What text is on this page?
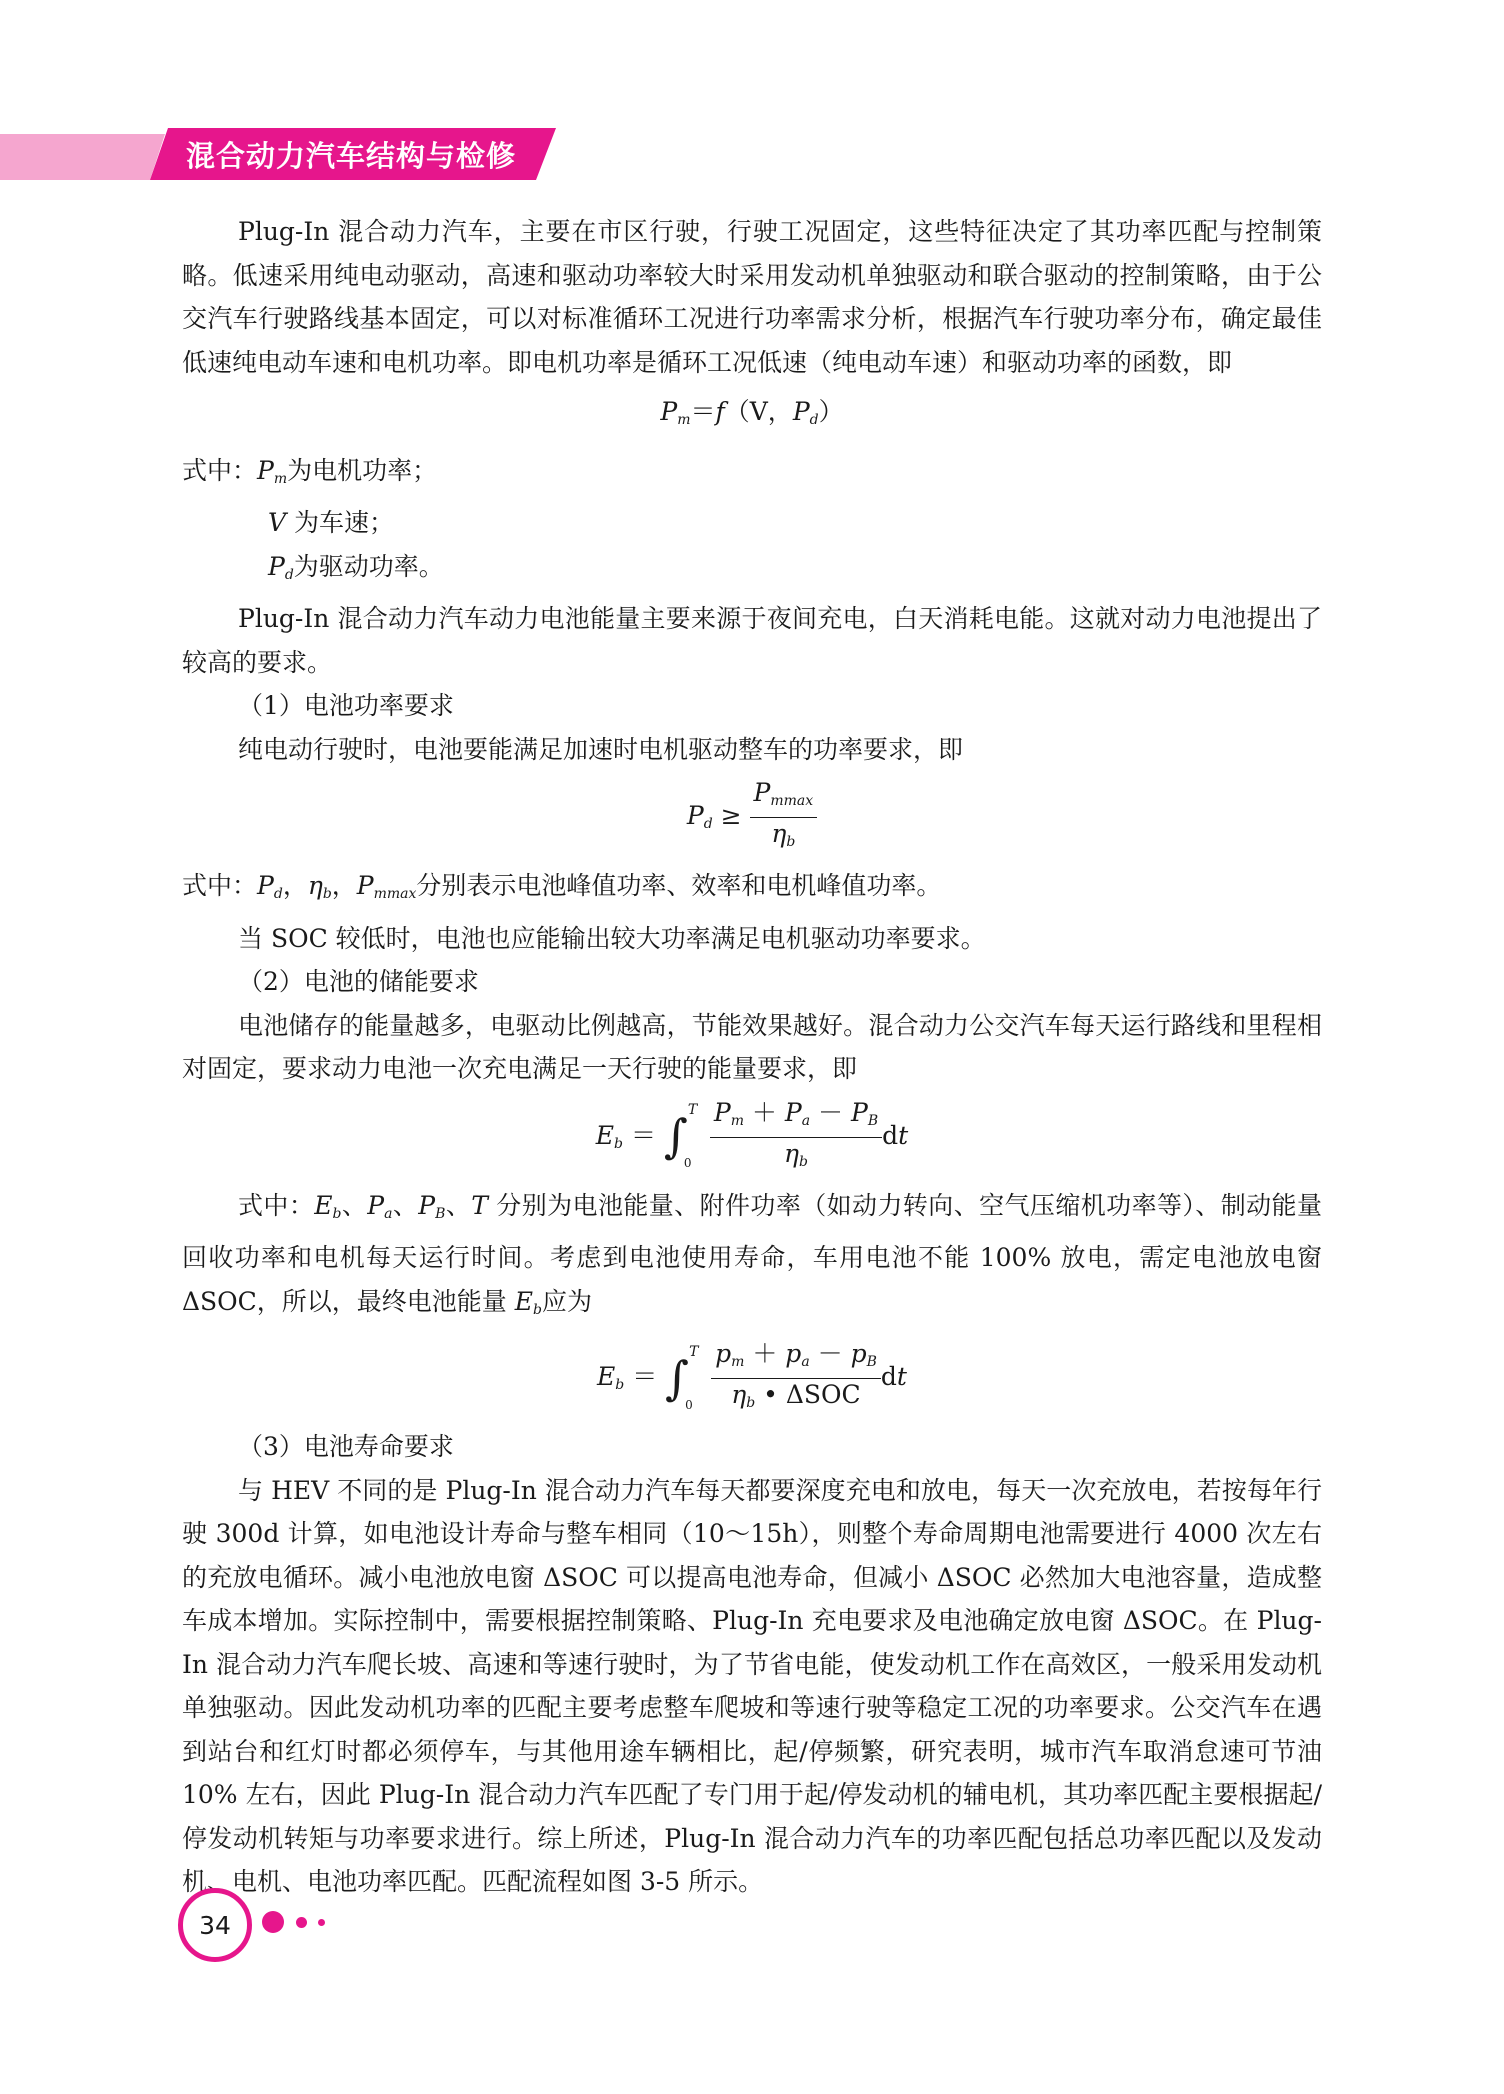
混合动力汽车结构与检修

Plug-In 混合动力汽车，主要在市区行驶，行驶工况固定，这些特征决定了其功率匹配与控制策略。低速采用纯电动驱动，高速和驱动功率较大时采用发动机单独驱动和联合驱动的控制策略，由于公交汽车行驶路线基本固定，可以对标准循环工况进行功率需求分析，根据汽车行驶功率分布，确定最佳低速纯电动车速和电机功率。即电机功率是循环工况低速（纯电动车速）和驱动功率的函数，即

$P_m=f(V$，$P_d$）

式中：$P_m$为电机功率；

V 为车速；

$P_d$为驱动功率。

Plug-In 混合动力汽车动力电池能量主要来源于夜间充电，白天消耗电能。这就对动力电池提出了较高的要求。

（1）电池功率要求

纯电动行驶时，电池要能满足加速时电机驱动整车的功率要求，即

$P_d \ge \frac{P_{mmax}}{\eta_b}$

式中：$P_d$，$\eta_b$，$P_{mmax}$分别表示电池峰值功率、效率和电机峰值功率。

当 SOC 较低时，电池也应能输出较大功率满足电机驱动功率要求。

（2）电池的储能要求

电池储存的能量越多，电驱动比例越高，节能效果越好。混合动力公交汽车每天运行路线和里程相对固定，要求动力电池一次充电满足一天行驶的能量要求，即

$E_b$ ＝ ∫ T
0
$\frac{P_m + P_a - P_B}{\eta_b}$ dt

式中：$E_b$、$P_a$、$P_B$、T 分别为电池能量、附件功率（如动力转向、空气压缩机功率等）、制动能量回收功率和电机每天运行时间。考虑到电池使用寿命，车用电池不能 100% 放电，需定电池放电窗 ΔSOC，所以，最终电池能量 $E_b$应为

$E_b$ ＝ ∫ T
0
$\frac{p_m + p_a - p_B}{\eta_b • \Delta SOC}$ dt

（3）电池寿命要求

与 HEV 不同的是 Plug-In 混合动力汽车每天都要深度充电和放电，每天一次充放电，若按每年行驶 300d 计算，如电池设计寿命与整车相同（10～15h），则整个寿命周期电池需要进行 4000 次左右的充放电循环。减小电池放电窗 ΔSOC 可以提高电池寿命，但减小 ΔSOC 必然加大电池容量，造成整车成本增加。实际控制中，需要根据控制策略、Plug-In 充电要求及电池确定放电窗 ΔSOC。在 Plug-In 混合动力汽车爬长坡、高速和等速行驶时，为了节省电能，使发动机工作在高效区，一般采用发动机单独驱动。因此发动机功率的匹配主要考虑整车爬坡和等速行驶等稳定工况的功率要求。公交汽车在遇到站台和红灯时都必须停车，与其他用途车辆相比，起/停频繁，研究表明，城市汽车取消怠速可节油 10% 左右，因此 Plug-In 混合动力汽车匹配了专门用于起/停发动机的辅电机，其功率匹配主要根据起/停发动机转矩与功率要求进行。综上所述，Plug-In 混合动力汽车的功率匹配包括总功率匹配以及发动机、电机、电池功率匹配。匹配流程如图 3-5 所示。

34
